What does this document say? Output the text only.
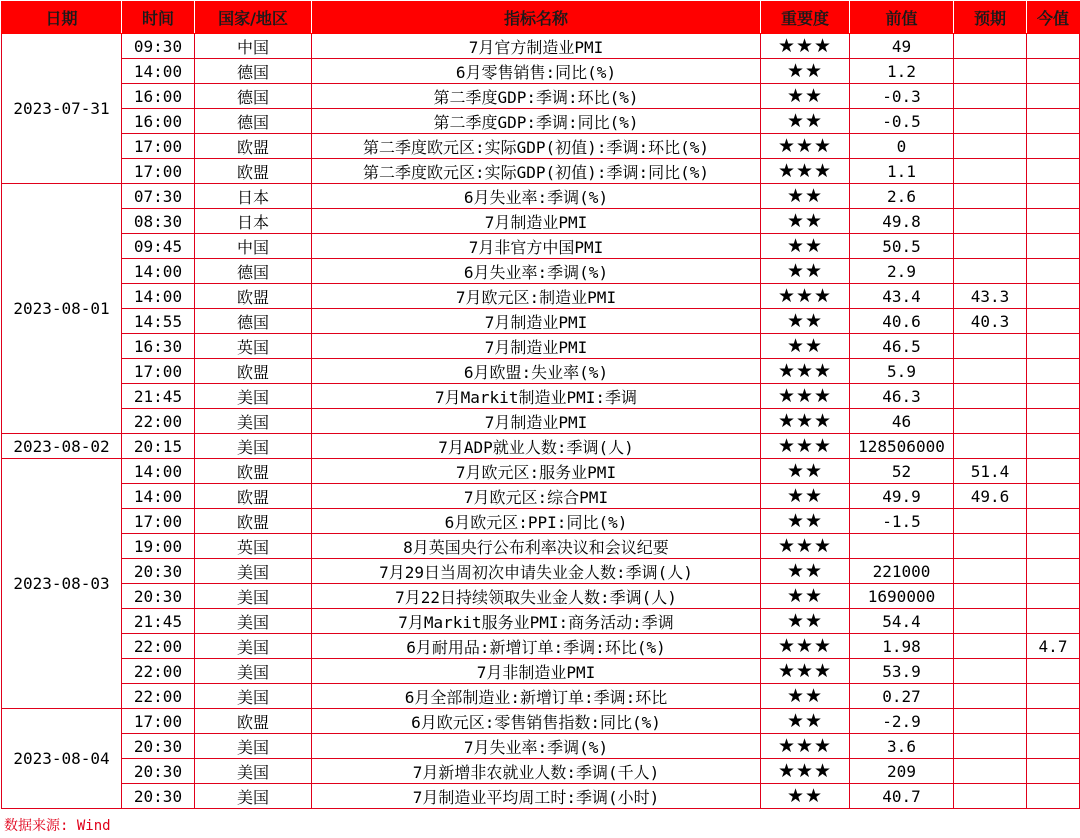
日期	时间	国家/地区	指标名称	重要度	前值	预期	今值
2023-07-31	09:30	中国	7月官方制造业PMI	★★★	49		
	14:00	德国	6月零售销售:同比(%)	★★	1.2		
	16:00	德国	第二季度GDP:季调:环比(%)	★★	-0.3		
	16:00	德国	第二季度GDP:季调:同比(%)	★★	-0.5		
	17:00	欧盟	第二季度欧元区:实际GDP(初值):季调:环比(%)	★★★	0		
	17:00	欧盟	第二季度欧元区:实际GDP(初值):季调:同比(%)	★★★	1.1		
2023-08-01	07:30	日本	6月失业率:季调(%)	★★	2.6		
	08:30	日本	7月制造业PMI	★★	49.8		
	09:45	中国	7月非官方中国PMI	★★	50.5		
	14:00	德国	6月失业率:季调(%)	★★	2.9		
	14:00	欧盟	7月欧元区:制造业PMI	★★★	43.4	43.3	
	14:55	德国	7月制造业PMI	★★	40.6	40.3	
	16:30	英国	7月制造业PMI	★★	46.5		
	17:00	欧盟	6月欧盟:失业率(%)	★★★	5.9		
	21:45	美国	7月Markit制造业PMI:季调	★★★	46.3		
	22:00	美国	7月制造业PMI	★★★	46		
2023-08-02	20:15	美国	7月ADP就业人数:季调(人)	★★★	128506000		
2023-08-03	14:00	欧盟	7月欧元区:服务业PMI	★★	52	51.4	
	14:00	欧盟	7月欧元区:综合PMI	★★	49.9	49.6	
	17:00	欧盟	6月欧元区:PPI:同比(%)	★★	-1.5		
	19:00	英国	8月英国央行公布利率决议和会议纪要	★★★			
	20:30	美国	7月29日当周初次申请失业金人数:季调(人)	★★	221000		
	20:30	美国	7月22日持续领取失业金人数:季调(人)	★★	1690000		
	21:45	美国	7月Markit服务业PMI:商务活动:季调	★★	54.4		
	22:00	美国	6月耐用品:新增订单:季调:环比(%)	★★★	1.98		4.7
	22:00	美国	7月非制造业PMI	★★★	53.9		
	22:00	美国	6月全部制造业:新增订单:季调:环比	★★	0.27		
2023-08-04	17:00	欧盟	6月欧元区:零售销售指数:同比(%)	★★	-2.9		
	20:30	美国	7月失业率:季调(%)	★★★	3.6		
	20:30	美国	7月新增非农就业人数:季调(千人)	★★★	209		
	20:30	美国	7月制造业平均周工时:季调(小时)	★★	40.7		
数据来源: Wind
